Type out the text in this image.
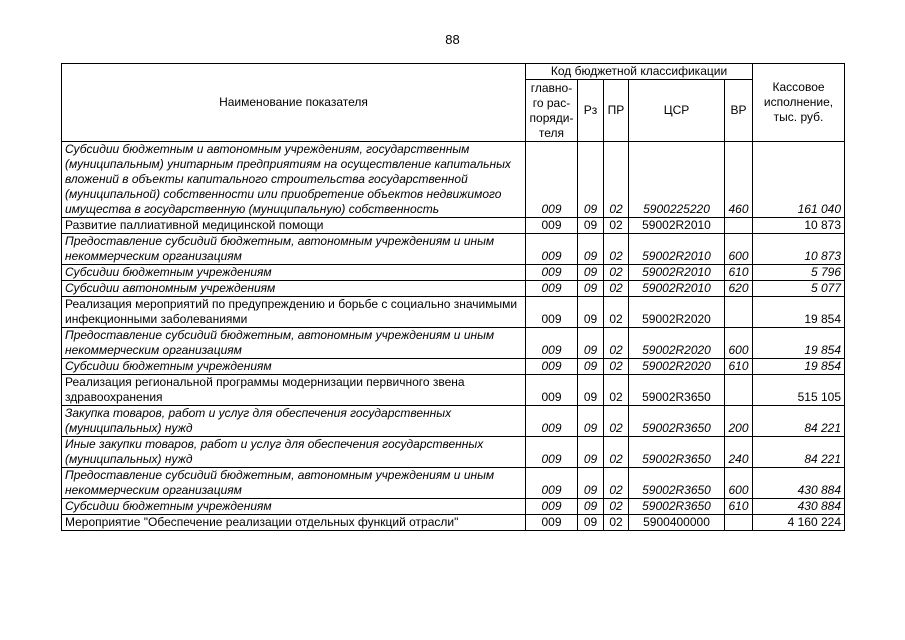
88
Наименование показателя	Код бюджетной классификации					Кассовое исполнение, тыс. руб.
	главно-го рас-поряди-теля	Рз	ПР	ЦСР	ВР	
Субсидии бюджетным и автономным учреждениям, государственным (муниципальным) унитарным предприятиям на осуществление капитальных вложений в объекты капитального строительства государственной (муниципальной) собственности или приобретение объектов недвижимого имущества в государственную (муниципальную) собственность	009	09	02	5900225220	460	161 040
Развитие паллиативной медицинской помощи	009	09	02	59002R2010		10 873
Предоставление субсидий бюджетным, автономным учреждениям и иным некоммерческим организациям	009	09	02	59002R2010	600	10 873
Субсидии бюджетным учреждениям	009	09	02	59002R2010	610	5 796
Субсидии автономным учреждениям	009	09	02	59002R2010	620	5 077
Реализация мероприятий по предупреждению и борьбе с социально значимыми инфекционными заболеваниями	009	09	02	59002R2020		19 854
Предоставление субсидий бюджетным, автономным учреждениям и иным некоммерческим организациям	009	09	02	59002R2020	600	19 854
Субсидии бюджетным учреждениям	009	09	02	59002R2020	610	19 854
Реализация региональной программы модернизации первичного звена здравоохранения	009	09	02	59002R3650		515 105
Закупка товаров, работ и услуг для обеспечения государственных (муниципальных) нужд	009	09	02	59002R3650	200	84 221
Иные закупки товаров, работ и услуг для обеспечения государственных (муниципальных) нужд	009	09	02	59002R3650	240	84 221
Предоставление субсидий бюджетным, автономным учреждениям и иным некоммерческим организациям	009	09	02	59002R3650	600	430 884
Субсидии бюджетным учреждениям	009	09	02	59002R3650	610	430 884
Мероприятие "Обеспечение реализации отдельных функций отрасли"	009	09	02	5900400000		4 160 224
